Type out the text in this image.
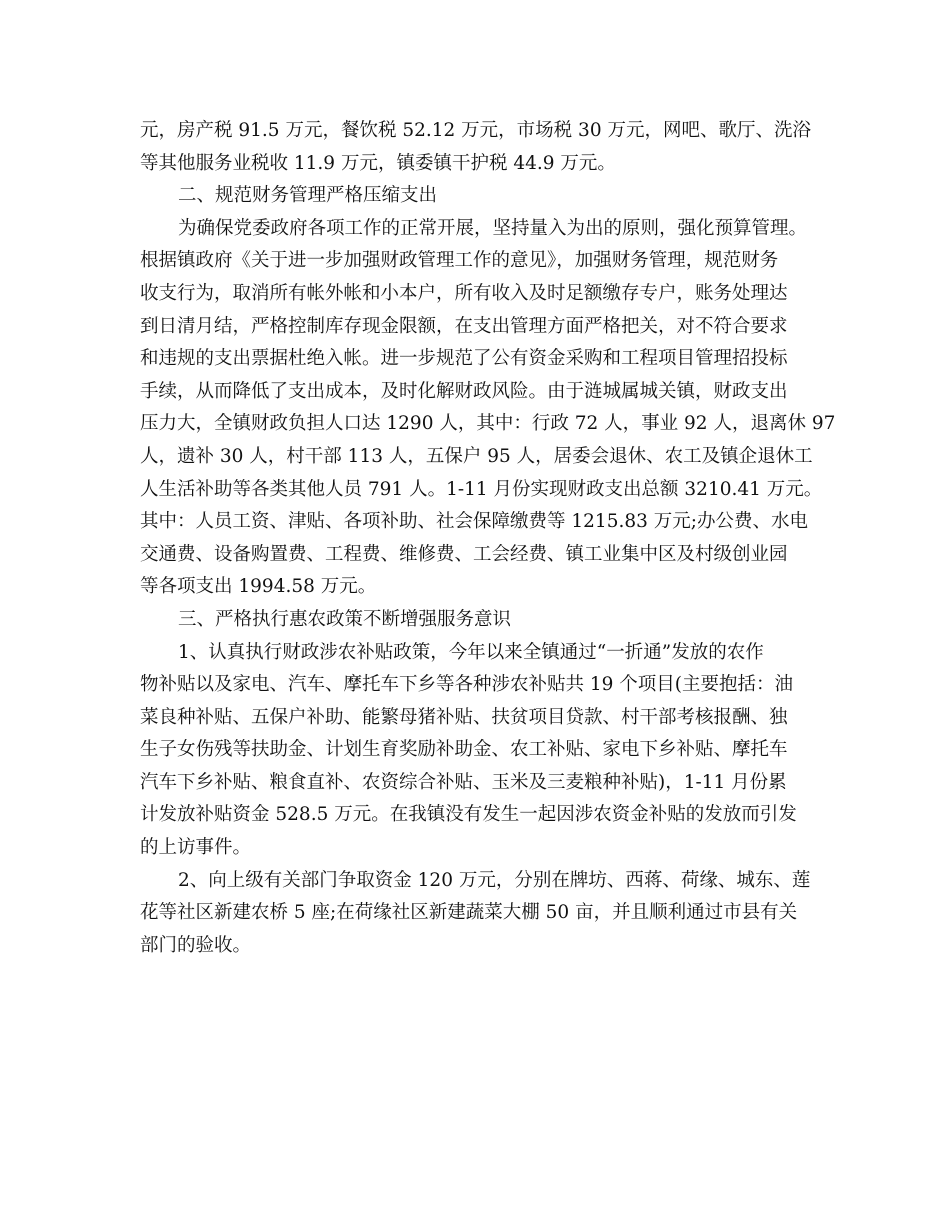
元，房产税 91.5 万元，餐饮税 52.12 万元，市场税 30 万元，网吧、歌厅、洗浴
等其他服务业税收 11.9 万元，镇委镇干护税 44.9 万元。
二、规范财务管理严格压缩支出
为确保党委政府各项工作的正常开展，坚持量入为出的原则，强化预算管理。
根据镇政府《关于进一步加强财政管理工作的意见》，加强财务管理，规范财务
收支行为，取消所有帐外帐和小本户，所有收入及时足额缴存专户，账务处理达
到日清月结，严格控制库存现金限额，在支出管理方面严格把关，对不符合要求
和违规的支出票据杜绝入帐。进一步规范了公有资金采购和工程项目管理招投标
手续，从而降低了支出成本，及时化解财政风险。由于涟城属城关镇，财政支出
压力大，全镇财政负担人口达 1290 人，其中：行政 72 人，事业 92 人，退离休 97
人，遗补 30 人，村干部 113 人，五保户 95 人，居委会退休、农工及镇企退休工
人生活补助等各类其他人员 791 人。1-11 月份实现财政支出总额 3210.41 万元。
其中：人员工资、津贴、各项补助、社会保障缴费等 1215.83 万元;办公费、水电
交通费、设备购置费、工程费、维修费、工会经费、镇工业集中区及村级创业园
等各项支出 1994.58 万元。
三、严格执行惠农政策不断增强服务意识
1、认真执行财政涉农补贴政策，今年以来全镇通过“一折通”发放的农作
物补贴以及家电、汽车、摩托车下乡等各种涉农补贴共 19 个项目(主要抱括：油
菜良种补贴、五保户补助、能繁母猪补贴、扶贫项目贷款、村干部考核报酬、独
生子女伤残等扶助金、计划生育奖励补助金、农工补贴、家电下乡补贴、摩托车
汽车下乡补贴、粮食直补、农资综合补贴、玉米及三麦粮种补贴)，1-11 月份累
计发放补贴资金 528.5 万元。在我镇没有发生一起因涉农资金补贴的发放而引发
的上访事件。
2、向上级有关部门争取资金 120 万元，分别在牌坊、西蒋、荷缘、城东、莲
花等社区新建农桥 5 座;在荷缘社区新建蔬菜大棚 50 亩，并且顺利通过市县有关
部门的验收。
